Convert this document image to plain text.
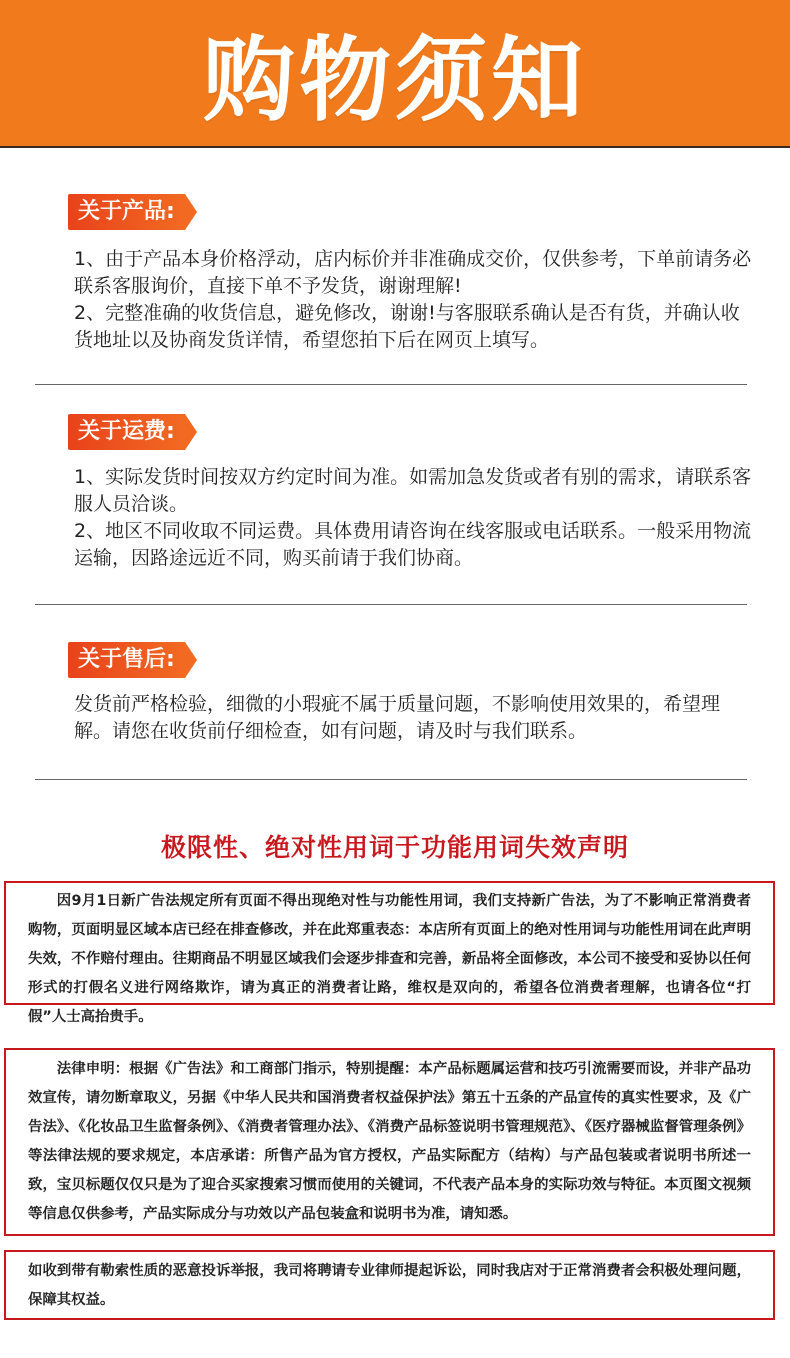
购物须知
关于产品:
1、由于产品本身价格浮动，店内标价并非准确成交价，仅供参考，下单前请务必联系客服询价，直接下单不予发货，谢谢理解!
2、完整准确的收货信息，避免修改，谢谢!与客服联系确认是否有货，并确认收货地址以及协商发货详情，希望您拍下后在网页上填写。
关于运费:
1、实际发货时间按双方约定时间为准。如需加急发货或者有别的需求，请联系客服人员洽谈。
2、地区不同收取不同运费。具体费用请咨询在线客服或电话联系。一般采用物流运输，因路途远近不同，购买前请于我们协商。
关于售后:
发货前严格检验，细微的小瑕疵不属于质量问题，不影响使用效果的，希望理解。请您在收货前仔细检查，如有问题，请及时与我们联系。
极限性、绝对性用词于功能用词失效声明
因9月1日新广告法规定所有页面不得出现绝对性与功能性用词，我们支持新广告法，为了不影响正常消费者购物，页面明显区域本店已经在排查修改，并在此郑重表态：本店所有页面上的绝对性用词与功能性用词在此声明失效，不作赔付理由。往期商品不明显区域我们会逐步排查和完善，新品将全面修改，本公司不接受和妥协以任何形式的打假名义进行网络欺诈，请为真正的消费者让路，维权是双向的，希望各位消费者理解，也请各位“打假”人士高抬贵手。
法律申明：根据《广告法》和工商部门指示，特别提醒：本产品标题属运营和技巧引流需要而设，并非产品功效宣传，请勿断章取义，另据《中华人民共和国消费者权益保护法》第五十五条的产品宣传的真实性要求，及《广告法》、《化妆品卫生监督条例》、《消费者管理办法》、《消费产品标签说明书管理规范》、《医疗器械监督管理条例》等法律法规的要求规定，本店承诺：所售产品为官方授权，产品实际配方（结构）与产品包装或者说明书所述一致，宝贝标题仅仅只是为了迎合买家搜索习惯而使用的关键词，不代表产品本身的实际功效与特征。本页图文视频等信息仅供参考，产品实际成分与功效以产品包装盒和说明书为准，请知悉。
如收到带有勒索性质的恶意投诉举报，我司将聘请专业律师提起诉讼，同时我店对于正常消费者会积极处理问题，保障其权益。
